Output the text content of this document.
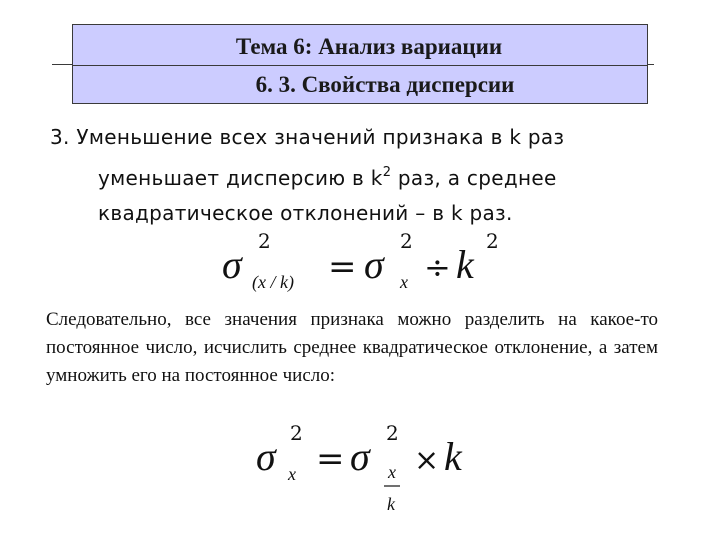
Тема 6: Анализ вариации
6. 3. Свойства дисперсии
3. Уменьшение всех значений признака в k раз
уменьшает дисперсию в $k^2$ раз, а среднее
квадратическое отклонений – в k раз.
σ
2
(x / k) = σ
2
x ÷ k
2
Следовательно, все значения признака можно разделить на какое-то постоянное число, исчислить среднее квадратическое отклонение, а затем умножить его на постоянное число:
σ
2
x = σ
2
x
k
× k
